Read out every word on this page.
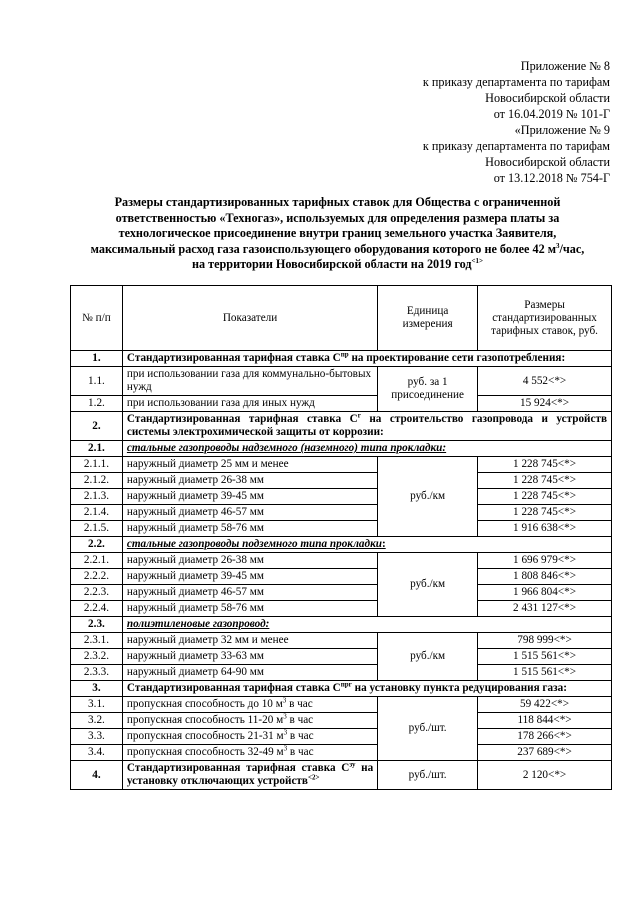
Приложение № 8
к приказу департамента по тарифам
Новосибирской области
от 16.04.2019 № 101-Г
«Приложение № 9
к приказу департамента по тарифам
Новосибирской области
от 13.12.2018 № 754-Г
Размеры стандартизированных тарифных ставок для Общества с ограниченной
ответственностью «Техногаз», используемых для определения размера платы за
технологическое присоединение внутри границ земельного участка Заявителя,
максимальный расход газа газоиспользующего оборудования которого не более 42 $м^3$/час,
на территории Новосибирской области на 2019 год$^{<1>}$
№ п/п	Показатели	Единица измерения	Размеры стандартизированных тарифных ставок, руб.
1.	Стандартизированная тарифная ставка $С^{пр}$ на проектирование сети газопотребления:		
1.1.	при использовании газа для коммунально-бытовых нужд	руб. за 1 присоединение	4 552<*>
1.2.	при использовании газа для иных нужд		15 924<*>
2.	Стандартизированная тарифная ставка $С^г$ на строительство газопровода и устройств системы электрохимической защиты от коррозии:		
2.1.	стальные газопроводы надземного (наземного) типа прокладки:		
2.1.1.	наружный диаметр 25 мм и менее	руб./км	1 228 745<*>
2.1.2.	наружный диаметр 26-38 мм		1 228 745<*>
2.1.3.	наружный диаметр 39-45 мм		1 228 745<*>
2.1.4.	наружный диаметр 46-57 мм		1 228 745<*>
2.1.5.	наружный диаметр 58-76 мм		1 916 638<*>
2.2.	стальные газопроводы подземного типа прокладки:		
2.2.1.	наружный диаметр 26-38 мм	руб./км	1 696 979<*>
2.2.2.	наружный диаметр 39-45 мм		1 808 846<*>
2.2.3.	наружный диаметр 46-57 мм		1 966 804<*>
2.2.4.	наружный диаметр 58-76 мм		2 431 127<*>
2.3.	полиэтиленовые газопровод:		
2.3.1.	наружный диаметр 32 мм и менее	руб./км	798 999<*>
2.3.2.	наружный диаметр 33-63 мм		1 515 561<*>
2.3.3.	наружный диаметр 64-90 мм		1 515 561<*>
3.	Стандартизированная тарифная ставка $С^{прг}$ на установку пункта редуцирования газа:		
3.1.	пропускная способность до 10 $м^3$ в час	руб./шт.	59 422<*>
3.2.	пропускная способность 11-20 $м^3$ в час		118 844<*>
3.3.	пропускная способность 21-31 $м^3$ в час		178 266<*>
3.4.	пропускная способность 32-49 $м^3$ в час		237 689<*>
4.	Стандартизированная тарифная ставка $С^{зу}$ на установку отключающих устройств$^{<2>}$	руб./шт.	2 120<*>
